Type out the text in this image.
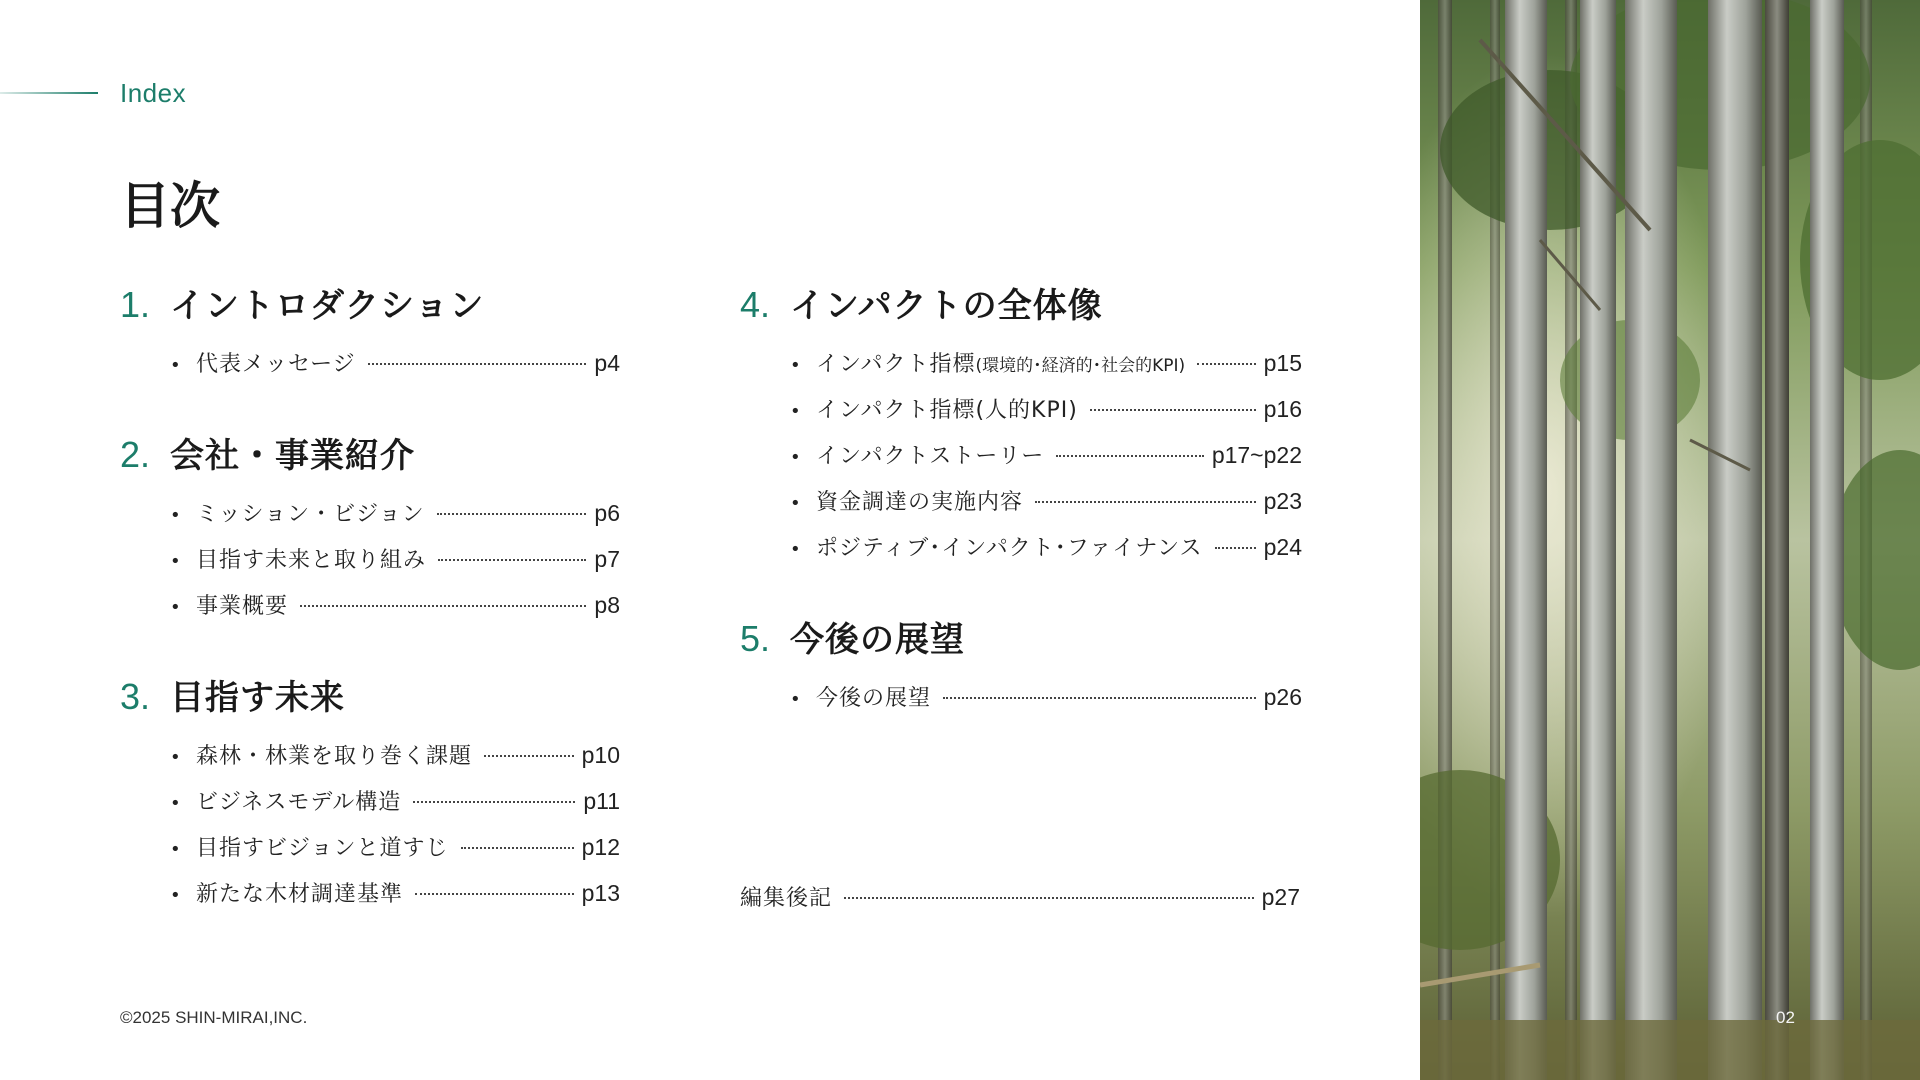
Index
目次
1. イントロダクション
• 代表メッセージ	p4
2. 会社・事業紹介
• ミッション・ビジョン	p6
• 目指す未来と取り組み	p7
• 事業概要	p8
3. 目指す未来
• 森林・林業を取り巻く課題	p10
• ビジネスモデル構造	p11
• 目指すビジョンと道すじ	p12
• 新たな木材調達基準	p13
4. インパクトの全体像
• インパクト指標(環境的･経済的･社会的KPI)	p15
• インパクト指標(人的KPI)	p16
• インパクトストーリー	p17~p22
• 資金調達の実施内容	p23
• ポジティブ･インパクト･ファイナンス	p24
5. 今後の展望
• 今後の展望	p26
編集後記	p27
©2025 SHIN-MIRAI,INC.	02
